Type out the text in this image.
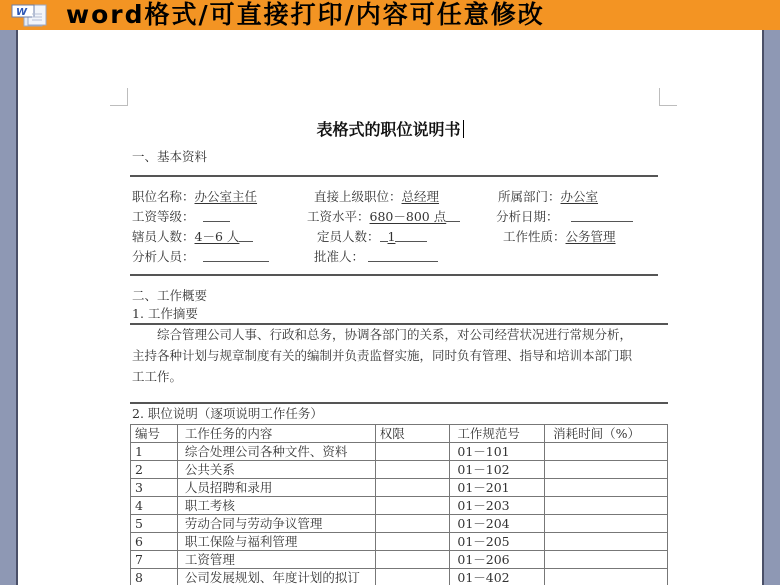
W word格式/可直接打印/内容可任意修改
表格式的职位说明书
一、基本资料
职位名称：办公室主任	直接上级职位：总经理	所属部门：办公室
工资等级：	工资水平：680－800 点	分析日期：
辖员人数：4－6 人	定员人数： 1	工作性质：公务管理
分析人员：	批准人：
二、工作概要
1. 工作摘要
综合管理公司人事、行政和总务，协调各部门的关系，对公司经营状况进行常规分析，
主持各种计划与规章制度有关的编制并负责监督实施，同时负有管理、指导和培训本部门职
工工作。
2. 职位说明（逐项说明工作任务）
编号	工作任务的内容	权限	工作规范号	消耗时间（%）
1	综合处理公司各种文件、资料		01－101	
2	公共关系		01－102	
3	人员招聘和录用		01－201	
4	职工考核		01－203	
5	劳动合同与劳动争议管理		01－204	
6	职工保险与福利管理		01－205	
7	工资管理		01－206	
8	公司发展规划、年度计划的拟订		01－402	
